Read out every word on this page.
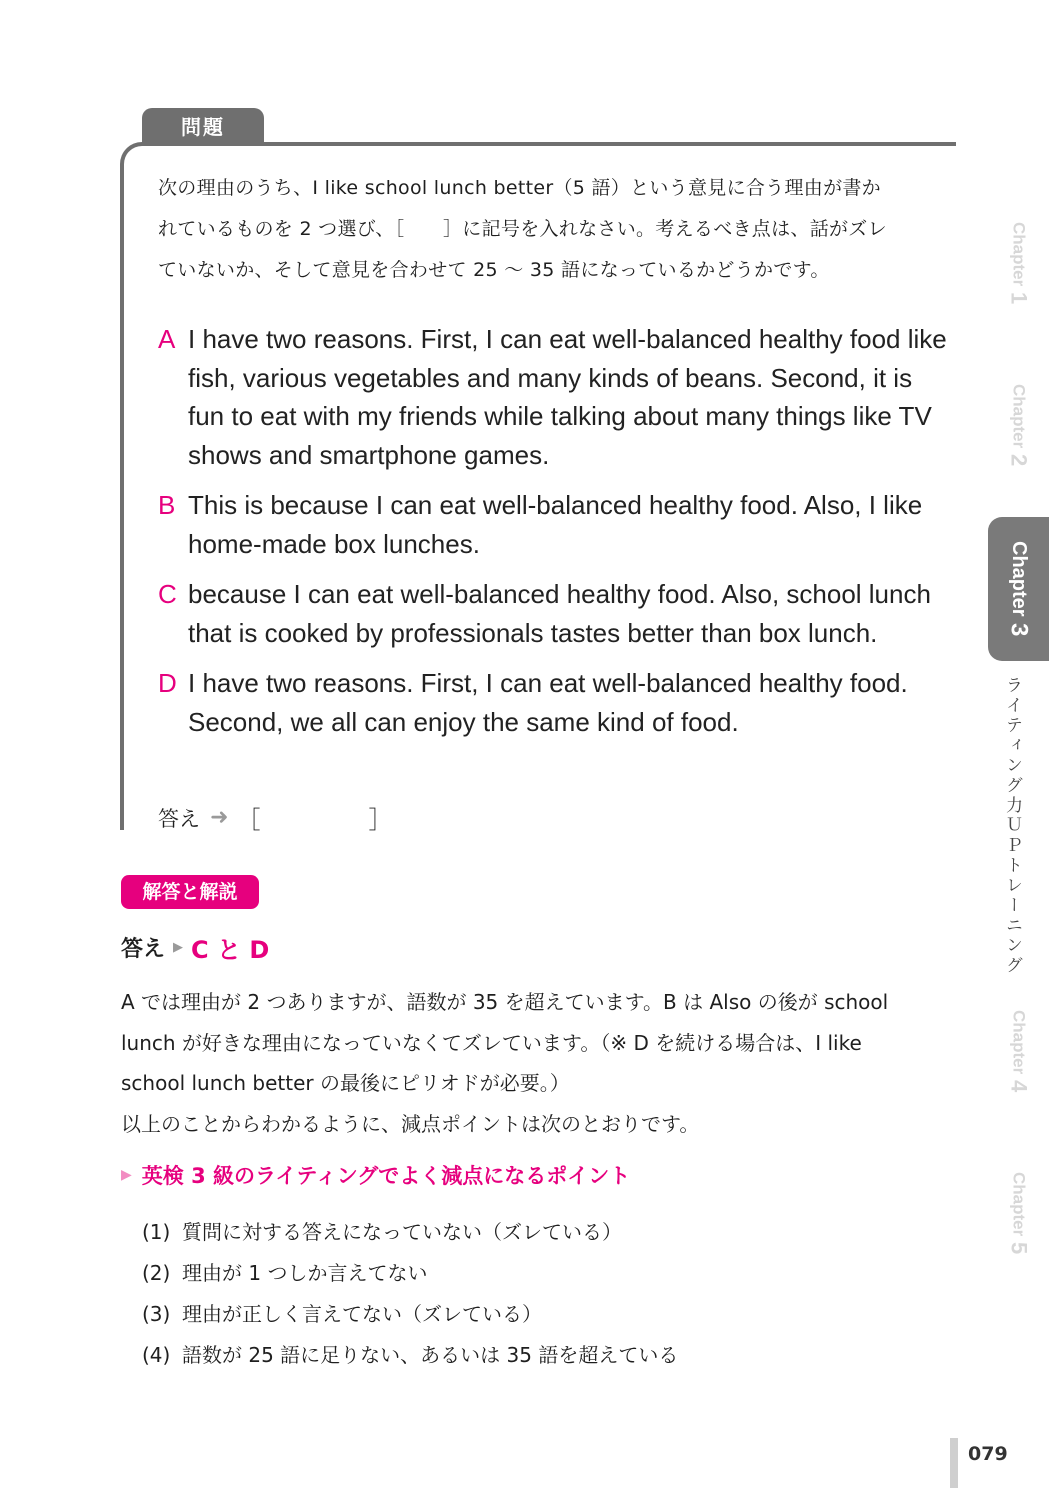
問題
次の理由のうち、I like school lunch better（5 語）という意見に合う理由が書か
れているものを 2 つ選び、［　　］に記号を入れなさい。考えるべき点は、話がズレ
ていないか、そして意見を合わせて 25 ～ 35 語になっているかどうかです。
A I have two reasons. First, I can eat well-balanced healthy food like fish, various vegetables and many kinds of beans. Second, it is fun to eat with my friends while talking about many things like TV shows and smartphone games.
B This is because I can eat well-balanced healthy food. Also, I like home-made box lunches.
C because I can eat well-balanced healthy food. Also, school lunch that is cooked by professionals tastes better than box lunch.
D I have two reasons. First, I can eat well-balanced healthy food. Second, we all can enjoy the same kind of food.
答え ➜ ［	］
解答と解説
答え ▶ C と D
A では理由が 2 つありますが、語数が 35 を超えています。B は Also の後が school
lunch が好きな理由になっていなくてズレています。（※ D を続ける場合は、I like
school lunch better の最後にピリオドが必要。）
以上のことからわかるように、減点ポイントは次のとおりです。
▶ 英検 3 級のライティングでよく減点になるポイント
(1) 質問に対する答えになっていない（ズレている）
(2) 理由が 1 つしか言えてない
(3) 理由が正しく言えてない（ズレている）
(4) 語数が 25 語に足りない、あるいは 35 語を超えている
Chapter
1
Chapter
2
Chapter
3
ライティング力ＵＰトレーニング
Chapter
4
Chapter
5
079
